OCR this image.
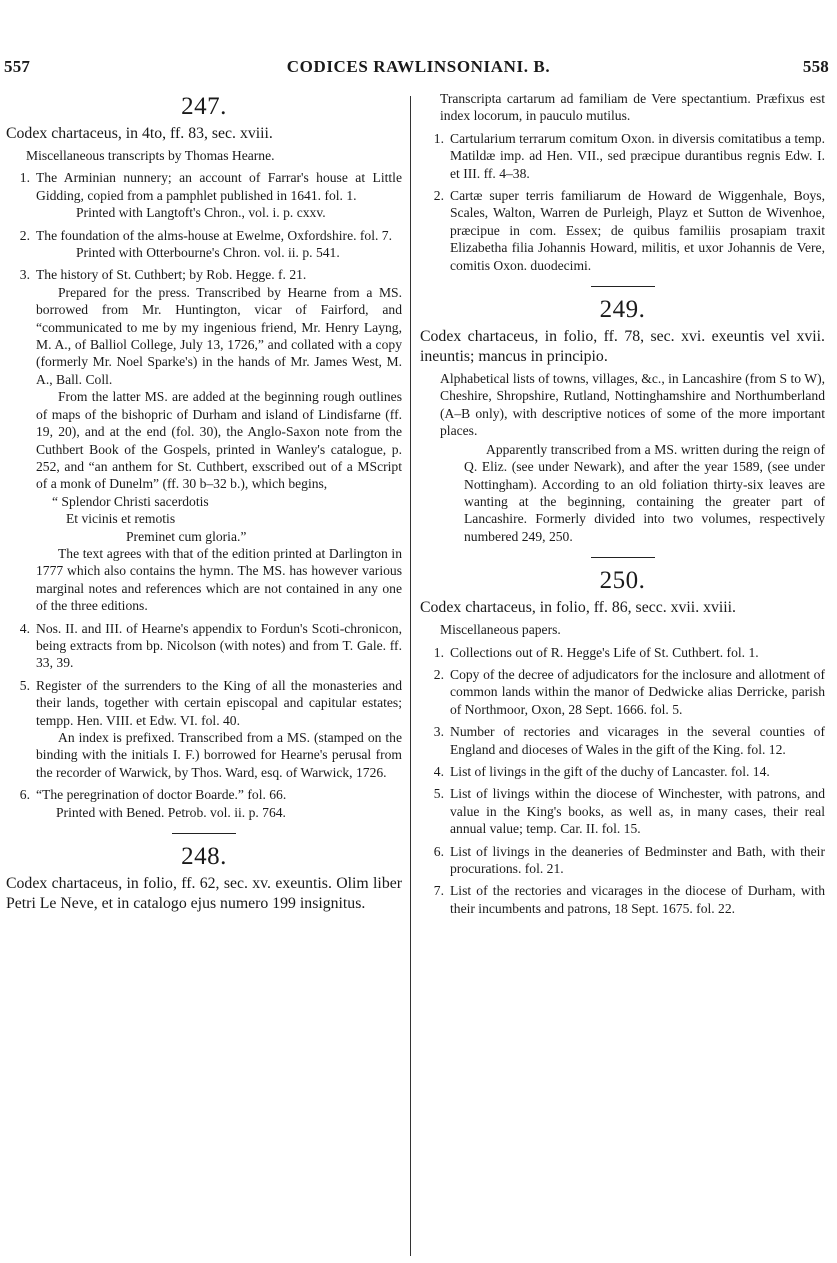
557	CODICES RAWLINSONIANI. B.	558
247.
Codex chartaceus, in 4to, ff. 83, sec. xviii.
Miscellaneous transcripts by Thomas Hearne.
1. The Arminian nunnery; an account of Farrar's house at Little Gidding, copied from a pamphlet published in 1641. fol. 1.
Printed with Langtoft's Chron., vol. i. p. cxxv.
2. The foundation of the alms-house at Ewelme, Oxfordshire. fol. 7.
Printed with Otterbourne's Chron. vol. ii. p. 541.
3. The history of St. Cuthbert; by Rob. Hegge. f. 21.
Prepared for the press. Transcribed by Hearne from a MS. borrowed from Mr. Huntington, vicar of Fairford, and “communicated to me by my ingenious friend, Mr. Henry Layng, M. A., of Balliol College, July 13, 1726,” and collated with a copy (formerly Mr. Noel Sparke's) in the hands of Mr. James West, M. A., Ball. Coll.
From the latter MS. are added at the beginning rough outlines of maps of the bishopric of Durham and island of Lindisfarne (ff. 19, 20), and at the end (fol. 30), the Anglo-Saxon note from the Cuthbert Book of the Gospels, printed in Wanley's catalogue, p. 252, and “an anthem for St. Cuthbert, exscribed out of a MScript of a monk of Dunelm” (ff. 30 b–32 b.), which begins,
“ Splendor Christi sacerdotis
Et vicinis et remotis
Preminet cum gloria.”
The text agrees with that of the edition printed at Darlington in 1777 which also contains the hymn. The MS. has however various marginal notes and references which are not contained in any one of the three editions.
4. Nos. II. and III. of Hearne's appendix to Fordun's Scoti-chronicon, being extracts from bp. Nicolson (with notes) and from T. Gale. ff. 33, 39.
5. Register of the surrenders to the King of all the monasteries and their lands, together with certain episcopal and capitular estates; tempp. Hen. VIII. et Edw. VI. fol. 40.
An index is prefixed. Transcribed from a MS. (stamped on the binding with the initials I. F.) borrowed for Hearne's perusal from the recorder of Warwick, by Thos. Ward, esq. of Warwick, 1726.
6. “The peregrination of doctor Boarde.” fol. 66.
Printed with Bened. Petrob. vol. ii. p. 764.
248.
Codex chartaceus, in folio, ff. 62, sec. xv. exeuntis. Olim liber Petri Le Neve, et in catalogo ejus numero 199 insignitus.
Transcripta cartarum ad familiam de Vere spectantium. Præfixus est index locorum, in pauculo mutilus.
1. Cartularium terrarum comitum Oxon. in diversis comitatibus a temp. Matildæ imp. ad Hen. VII., sed præcipue durantibus regnis Edw. I. et III. ff. 4–38.
2. Cartæ super terris familiarum de Howard de Wiggenhale, Boys, Scales, Walton, Warren de Purleigh, Playz et Sutton de Wivenhoe, præcipue in com. Essex; de quibus familiis prosapiam traxit Elizabetha filia Johannis Howard, militis, et uxor Johannis de Vere, comitis Oxon. duodecimi.
249.
Codex chartaceus, in folio, ff. 78, sec. xvi. exeuntis vel xvii. ineuntis; mancus in principio.
Alphabetical lists of towns, villages, &c., in Lancashire (from S to W), Cheshire, Shropshire, Rutland, Nottinghamshire and Northumberland (A–B only), with descriptive notices of some of the more important places.
Apparently transcribed from a MS. written during the reign of Q. Eliz. (see under Newark), and after the year 1589, (see under Nottingham). According to an old foliation thirty-six leaves are wanting at the beginning, containing the greater part of Lancashire. Formerly divided into two volumes, respectively numbered 249, 250.
250.
Codex chartaceus, in folio, ff. 86, secc. xvii. xviii.
Miscellaneous papers.
1. Collections out of R. Hegge's Life of St. Cuthbert. fol. 1.
2. Copy of the decree of adjudicators for the inclosure and allotment of common lands within the manor of Dedwicke alias Derricke, parish of Northmoor, Oxon, 28 Sept. 1666. fol. 5.
3. Number of rectories and vicarages in the several counties of England and dioceses of Wales in the gift of the King. fol. 12.
4. List of livings in the gift of the duchy of Lancaster. fol. 14.
5. List of livings within the diocese of Winchester, with patrons, and value in the King's books, as well as, in many cases, their real annual value; temp. Car. II. fol. 15.
6. List of livings in the deaneries of Bedminster and Bath, with their procurations. fol. 21.
7. List of the rectories and vicarages in the diocese of Durham, with their incumbents and patrons, 18 Sept. 1675. fol. 22.
